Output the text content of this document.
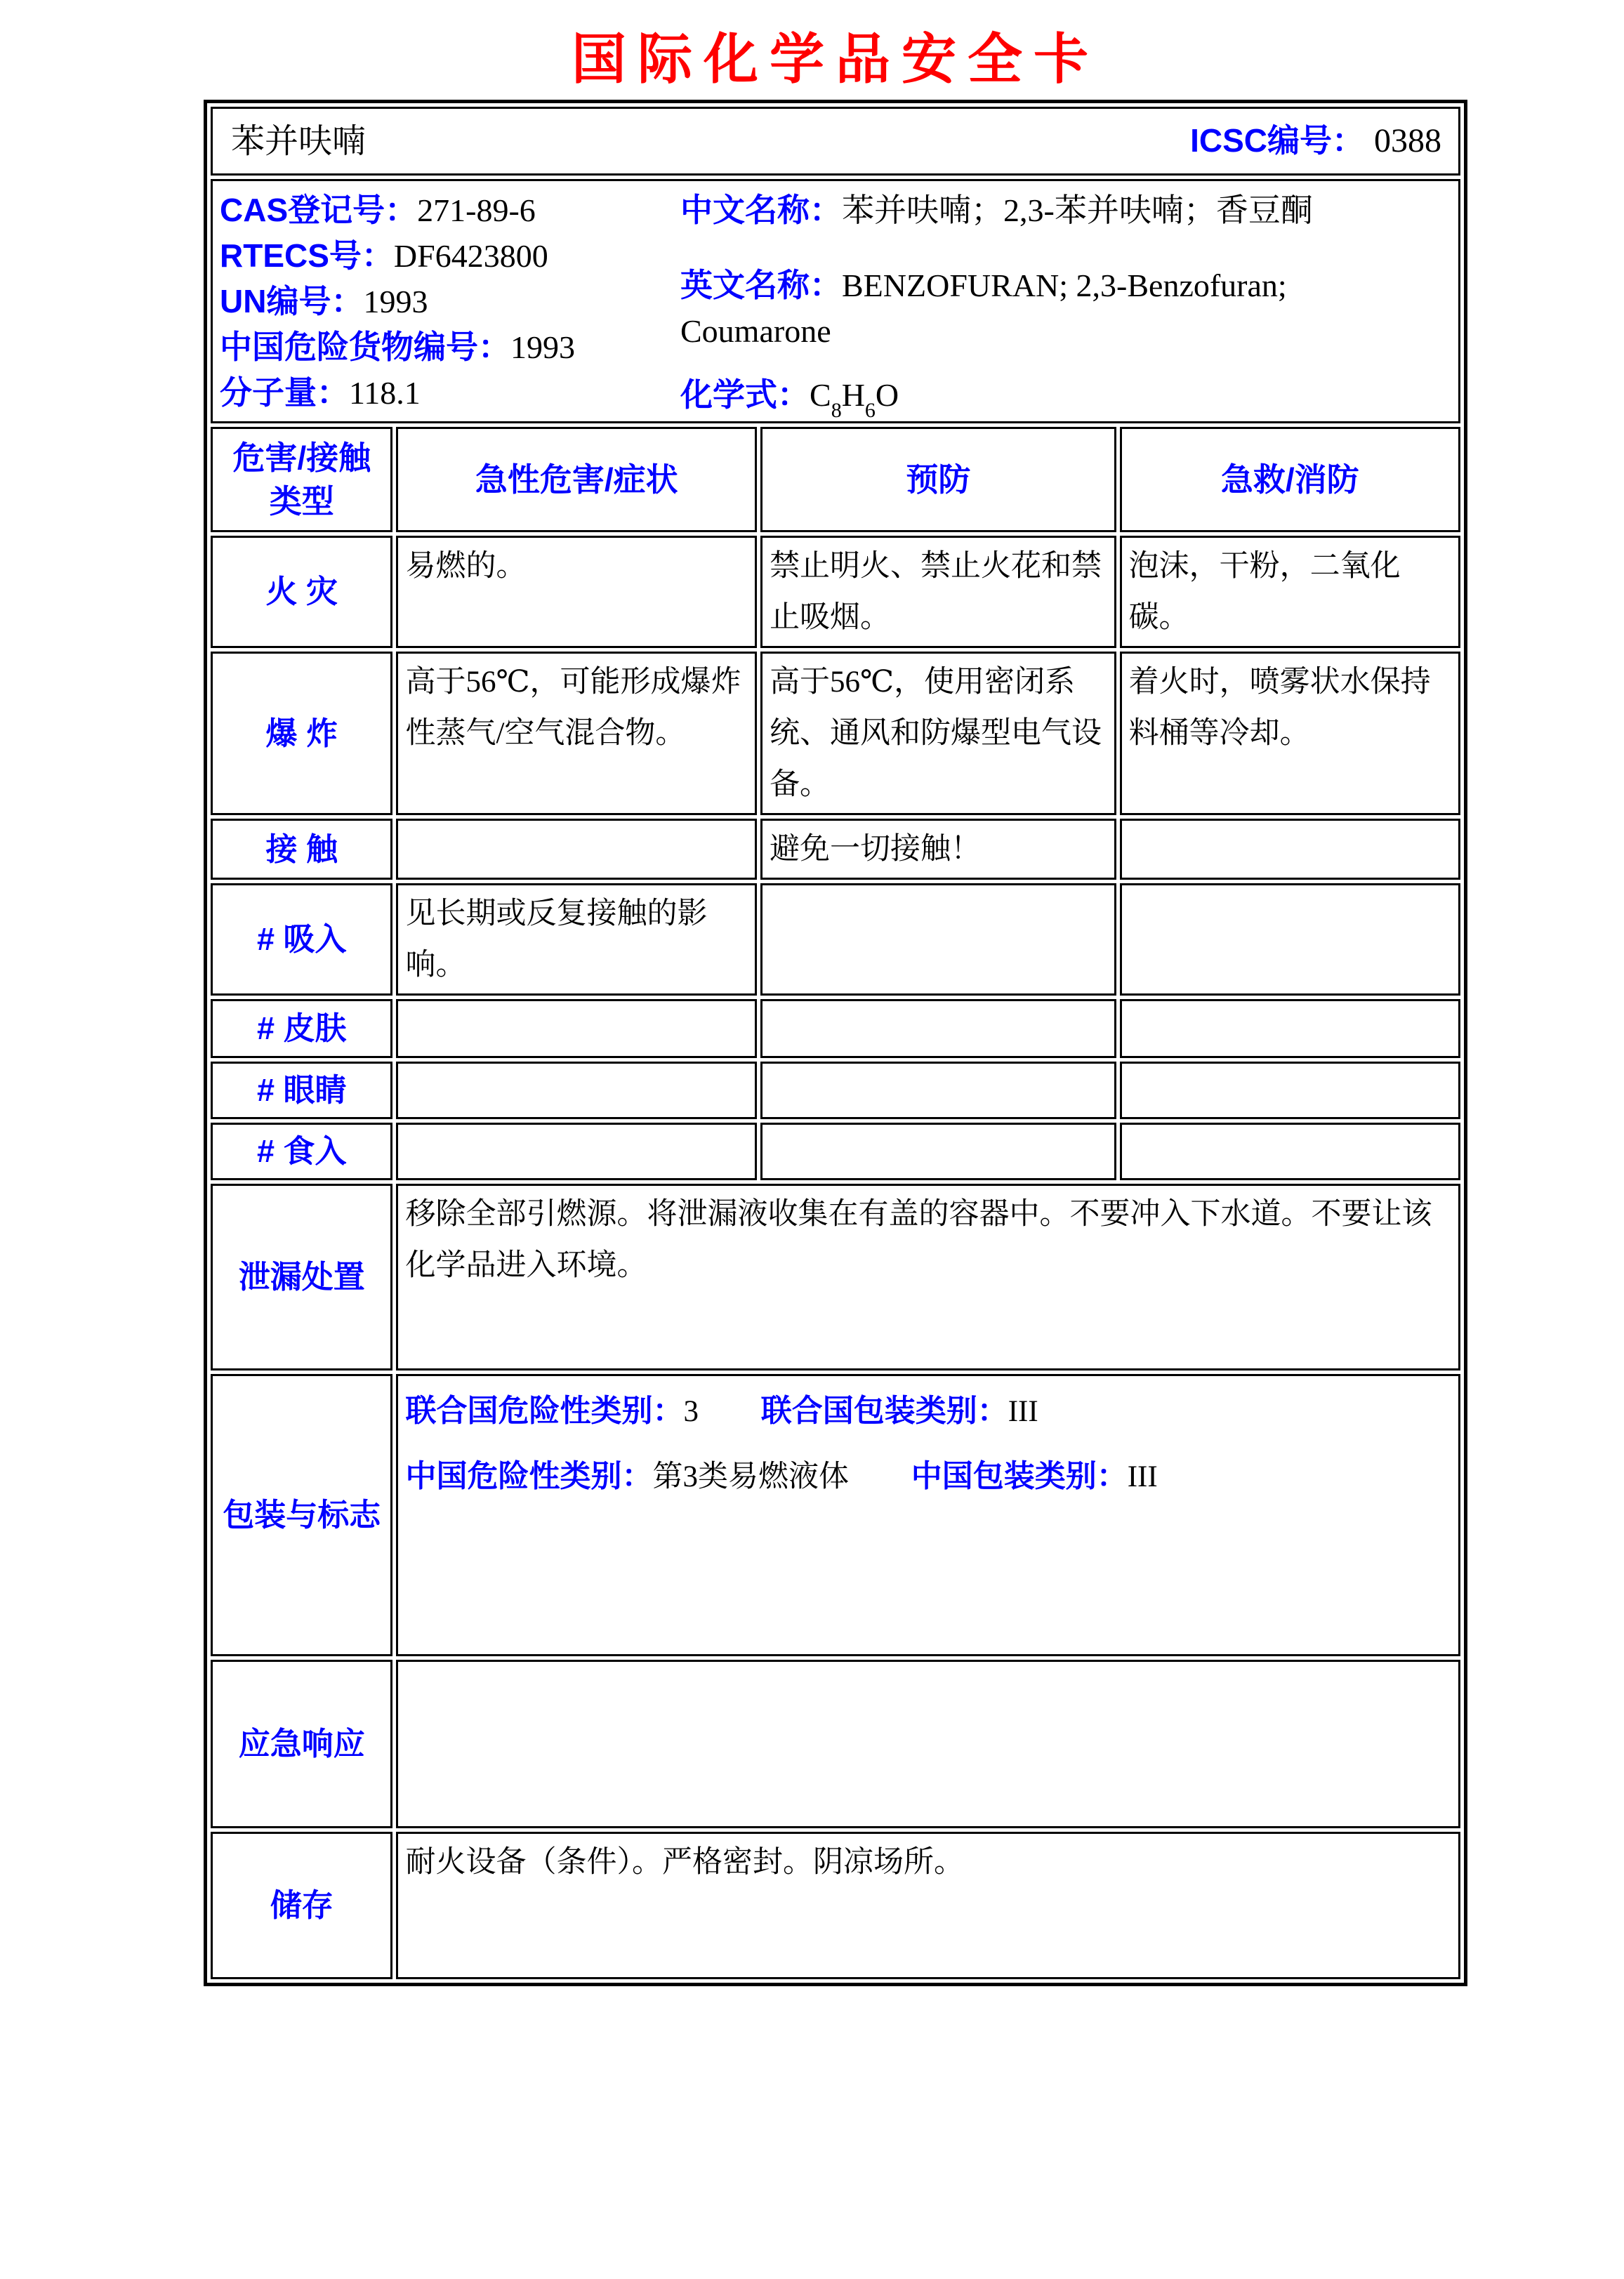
国际化学品安全卡
苯并呋喃 ICSC编号： 0388			

CAS登记号：271-89-6
RTECS号：DF6423800
UN编号：1993
中国危险货物编号：1993
分子量：118.1
中文名称：苯并呋喃；2,3-苯并呋喃；香豆酮
英文名称：BENZOFURAN; 2,3-Benzofuran; Coumarone
化学式：$C_8H_6O$

危害/接触
类型	急性危害/症状	预防	急救/消防
火 灾	易燃的。	禁止明火、禁止火花和禁止吸烟。	泡沫，干粉，二氧化碳。
爆 炸	高于56℃，可能形成爆炸性蒸气/空气混合物。	高于56℃，使用密闭系统、通风和防爆型电气设备。	着火时，喷雾状水保持料桶等冷却。
接 触		避免一切接触！	
# 吸入	见长期或反复接触的影响。		
# 皮肤			
# 眼睛			
# 食入			
泄漏处置	移除全部引燃源。将泄漏液收集在有盖的容器中。不要冲入下水道。不要让该化学品进入环境。		
包装与标志	联合国危险性类别：3 联合国包装类别：III
中国危险性类别：第3类易燃液体 中国包装类别：III		

应急响应			
储存	耐火设备（条件）。严格密封。阴凉场所。		
